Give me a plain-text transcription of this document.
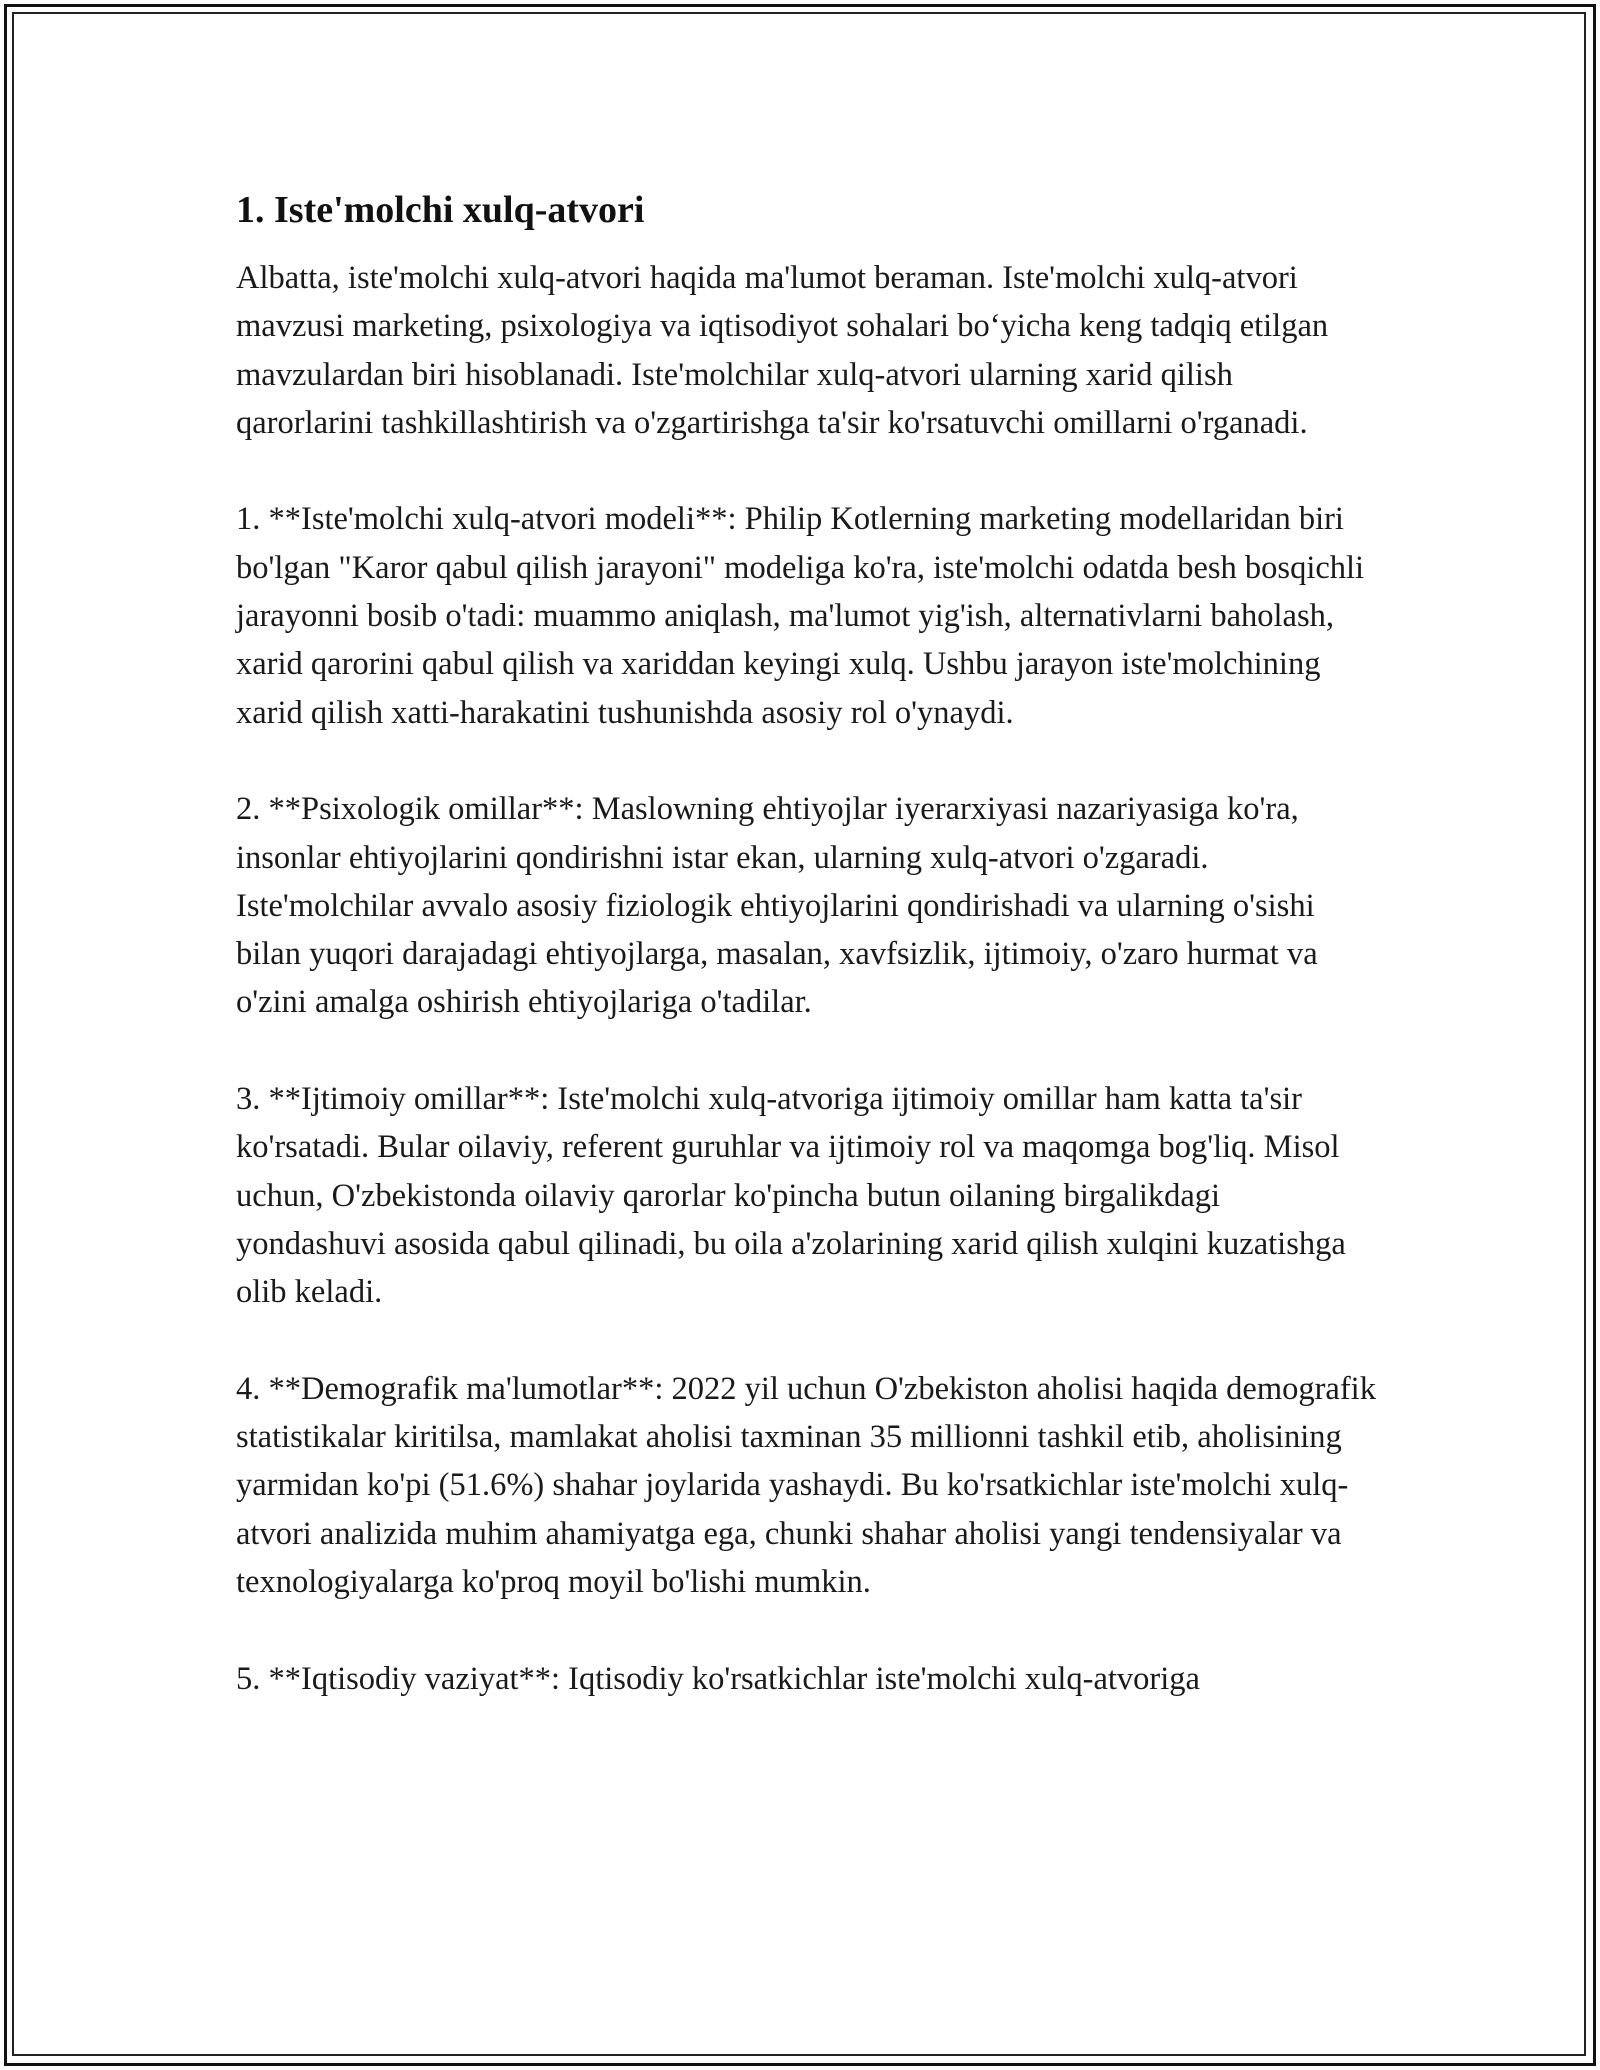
1. Iste'molchi xulq-atvori

Albatta, iste'molchi xulq-atvori haqida ma'lumot beraman. Iste'molchi xulq-atvori mavzusi marketing, psixologiya va iqtisodiyot sohalari bo‘yicha keng tadqiq etilgan mavzulardan biri hisoblanadi. Iste'molchilar xulq-atvori ularning xarid qilish qarorlarini tashkillashtirish va o'zgartirishga ta'sir ko'rsatuvchi omillarni o'rganadi.

1. **Iste'molchi xulq-atvori modeli**: Philip Kotlerning marketing modellaridan biri bo'lgan "Karor qabul qilish jarayoni" modeliga ko'ra, iste'molchi odatda besh bosqichli jarayonni bosib o'tadi: muammo aniqlash, ma'lumot yig'ish, alternativlarni baholash, xarid qarorini qabul qilish va xariddan keyingi xulq. Ushbu jarayon iste'molchining xarid qilish xatti-harakatini tushunishda asosiy rol o'ynaydi.

2. **Psixologik omillar**: Maslowning ehtiyojlar iyerarxiyasi nazariyasiga ko'ra, insonlar ehtiyojlarini qondirishni istar ekan, ularning xulq-atvori o'zgaradi. Iste'molchilar avvalo asosiy fiziologik ehtiyojlarini qondirishadi va ularning o'sishi bilan yuqori darajadagi ehtiyojlarga, masalan, xavfsizlik, ijtimoiy, o'zaro hurmat va o'zini amalga oshirish ehtiyojlariga o'tadilar.

3. **Ijtimoiy omillar**: Iste'molchi xulq-atvoriga ijtimoiy omillar ham katta ta'sir ko'rsatadi. Bular oilaviy, referent guruhlar va ijtimoiy rol va maqomga bog'liq. Misol uchun, O'zbekistonda oilaviy qarorlar ko'pincha butun oilaning birgalikdagi yondashuvi asosida qabul qilinadi, bu oila a'zolarining xarid qilish xulqini kuzatishga olib keladi.

4. **Demografik ma'lumotlar**: 2022 yil uchun O'zbekiston aholisi haqida demografik statistikalar kiritilsa, mamlakat aholisi taxminan 35 millionni tashkil etib, aholisining yarmidan ko'pi (51.6%) shahar joylarida yashaydi. Bu ko'rsatkichlar iste'molchi xulq-atvori analizida muhim ahamiyatga ega, chunki shahar aholisi yangi tendensiyalar va texnologiyalarga ko'proq moyil bo'lishi mumkin.

5. **Iqtisodiy vaziyat**: Iqtisodiy ko'rsatkichlar iste'molchi xulq-atvoriga
